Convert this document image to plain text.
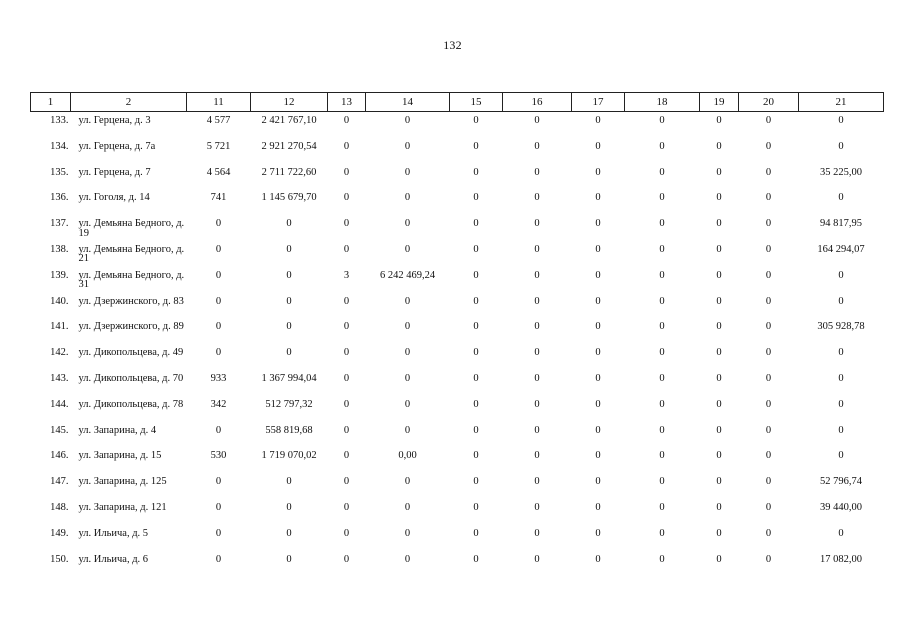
132
1	2	11	12	13	14	15	16	17	18	19	20	21

133.	ул. Герцена, д. 3	4 577	2 421 767,10	0	0	0	0	0	0	0	0	0

134.	ул. Герцена, д. 7а	5 721	2 921 270,54	0	0	0	0	0	0	0	0	0

135.	ул. Герцена, д. 7	4 564	2 711 722,60	0	0	0	0	0	0	0	0	35 225,00

136.	ул. Гоголя, д. 14	741	1 145 679,70	0	0	0	0	0	0	0	0	0

137.	ул. Демьяна Бедного, д. 19	0	0	0	0	0	0	0	0	0	0	94 817,95

138.	ул. Демьяна Бедного, д. 21	0	0	0	0	0	0	0	0	0	0	164 294,07

139.	ул. Демьяна Бедного, д. 31	0	0	3	6 242 469,24	0	0	0	0	0	0	0

140.	ул. Дзержинского, д. 83	0	0	0	0	0	0	0	0	0	0	0

141.	ул. Дзержинского, д. 89	0	0	0	0	0	0	0	0	0	0	305 928,78

142.	ул. Дикопольцева, д. 49	0	0	0	0	0	0	0	0	0	0	0

143.	ул. Дикопольцева, д. 70	933	1 367 994,04	0	0	0	0	0	0	0	0	0

144.	ул. Дикопольцева, д. 78	342	512 797,32	0	0	0	0	0	0	0	0	0

145.	ул. Запарина, д. 4	0	558 819,68	0	0	0	0	0	0	0	0	0

146.	ул. Запарина, д. 15	530	1 719 070,02	0	0,00	0	0	0	0	0	0	0

147.	ул. Запарина, д. 125	0	0	0	0	0	0	0	0	0	0	52 796,74

148.	ул. Запарина, д. 121	0	0	0	0	0	0	0	0	0	0	39 440,00

149.	ул. Ильича, д. 5	0	0	0	0	0	0	0	0	0	0	0

150.	ул. Ильича, д. 6	0	0	0	0	0	0	0	0	0	0	17 082,00
